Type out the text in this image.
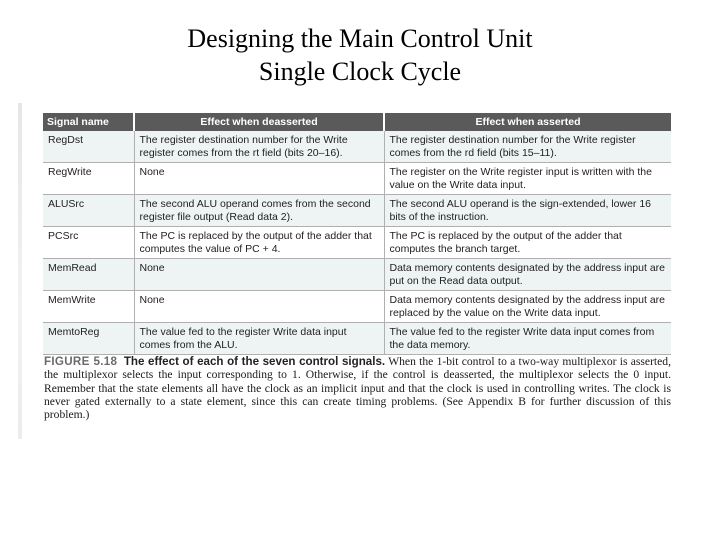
Designing the Main Control Unit
Single Clock Cycle
Signal name	Effect when deasserted	Effect when asserted
RegDst	The register destination number for the Write register comes from the rt field (bits 20–16).	The register destination number for the Write register comes from the rd field (bits 15–11).
RegWrite	None	The register on the Write register input is written with the value on the Write data input.
ALUSrc	The second ALU operand comes from the second register file output (Read data 2).	The second ALU operand is the sign-extended, lower 16 bits of the instruction.
PCSrc	The PC is replaced by the output of the adder that computes the value of PC + 4.	The PC is replaced by the output of the adder that computes the branch target.
MemRead	None	Data memory contents designated by the address input are put on the Read data output.
MemWrite	None	Data memory contents designated by the address input are replaced by the value on the Write data input.
MemtoReg	The value fed to the register Write data input comes from the ALU.	The value fed to the register Write data input comes from the data memory.
FIGURE 5.18 The effect of each of the seven control signals. When the 1-bit control to a two-way multiplexor is asserted, the multiplexor selects the input corresponding to 1. Otherwise, if the control is deasserted, the multiplexor selects the 0 input. Remember that the state elements all have the clock as an implicit input and that the clock is used in controlling writes. The clock is never gated externally to a state element, since this can create timing problems. (See Appendix B for further discussion of this problem.)
